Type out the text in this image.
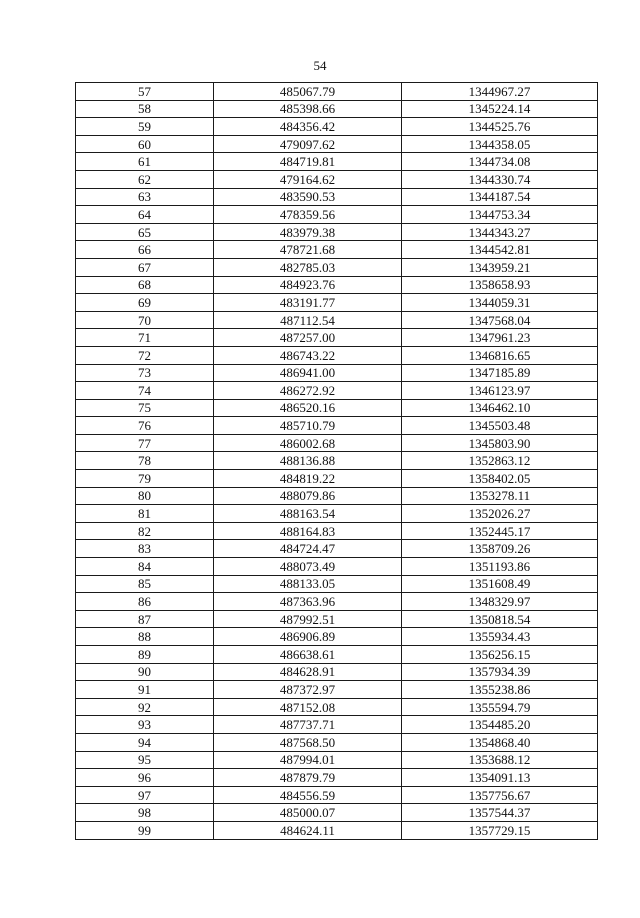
54
57	485067.79	1344967.27
58	485398.66	1345224.14
59	484356.42	1344525.76
60	479097.62	1344358.05
61	484719.81	1344734.08
62	479164.62	1344330.74
63	483590.53	1344187.54
64	478359.56	1344753.34
65	483979.38	1344343.27
66	478721.68	1344542.81
67	482785.03	1343959.21
68	484923.76	1358658.93
69	483191.77	1344059.31
70	487112.54	1347568.04
71	487257.00	1347961.23
72	486743.22	1346816.65
73	486941.00	1347185.89
74	486272.92	1346123.97
75	486520.16	1346462.10
76	485710.79	1345503.48
77	486002.68	1345803.90
78	488136.88	1352863.12
79	484819.22	1358402.05
80	488079.86	1353278.11
81	488163.54	1352026.27
82	488164.83	1352445.17
83	484724.47	1358709.26
84	488073.49	1351193.86
85	488133.05	1351608.49
86	487363.96	1348329.97
87	487992.51	1350818.54
88	486906.89	1355934.43
89	486638.61	1356256.15
90	484628.91	1357934.39
91	487372.97	1355238.86
92	487152.08	1355594.79
93	487737.71	1354485.20
94	487568.50	1354868.40
95	487994.01	1353688.12
96	487879.79	1354091.13
97	484556.59	1357756.67
98	485000.07	1357544.37
99	484624.11	1357729.15
